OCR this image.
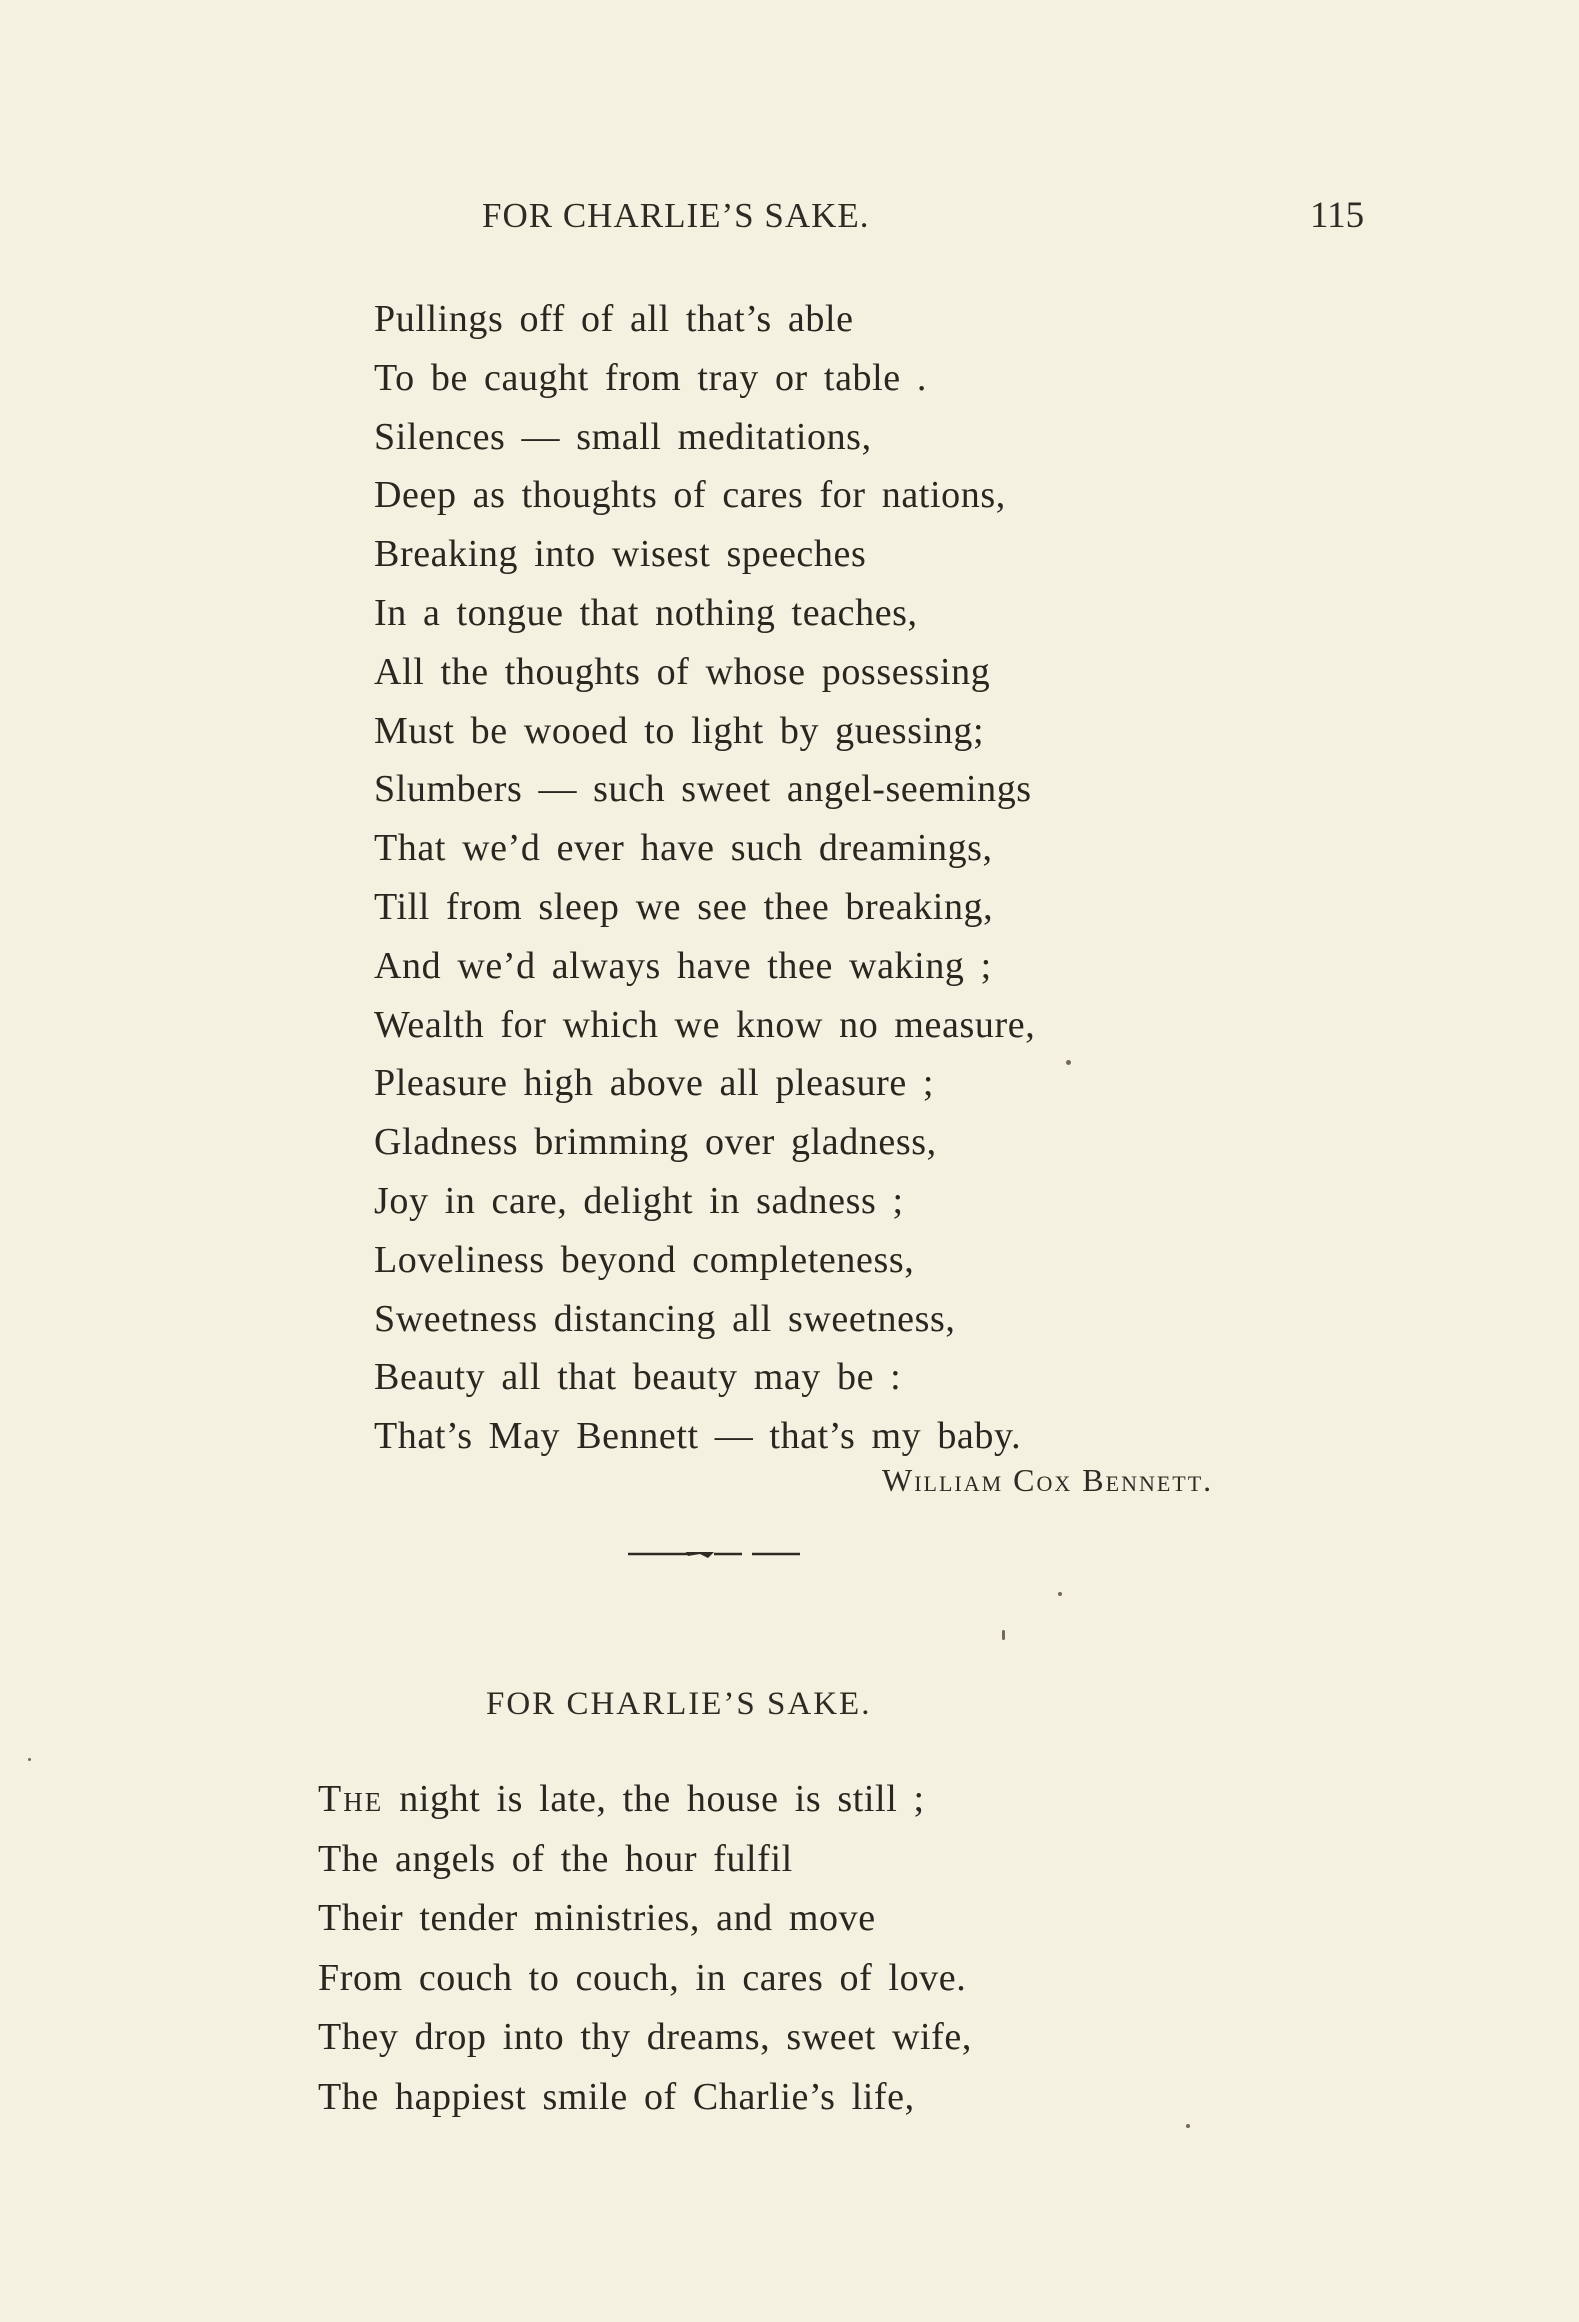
FOR CHARLIE’S SAKE.	115
Pullings off of all that’s able
To be caught from tray or table .
Silences — small meditations,
Deep as thoughts of cares for nations,
Breaking into wisest speeches
In a tongue that nothing teaches,
All the thoughts of whose possessing
Must be wooed to light by guessing;
Slumbers — such sweet angel-seemings
That we’d ever have such dreamings,
Till from sleep we see thee breaking,
And we’d always have thee waking ;
Wealth for which we know no measure,
Pleasure high above all pleasure ;
Gladness brimming over gladness,
Joy in care, delight in sadness ;
Loveliness beyond completeness,
Sweetness distancing all sweetness,
Beauty all that beauty may be :
That’s May Bennett — that’s my baby.
William Cox Bennett.
FOR CHARLIE’S SAKE.
The night is late, the house is still ;
The angels of the hour fulfil
Their tender ministries, and move
From couch to couch, in cares of love.
They drop into thy dreams, sweet wife,
The happiest smile of Charlie’s life,
